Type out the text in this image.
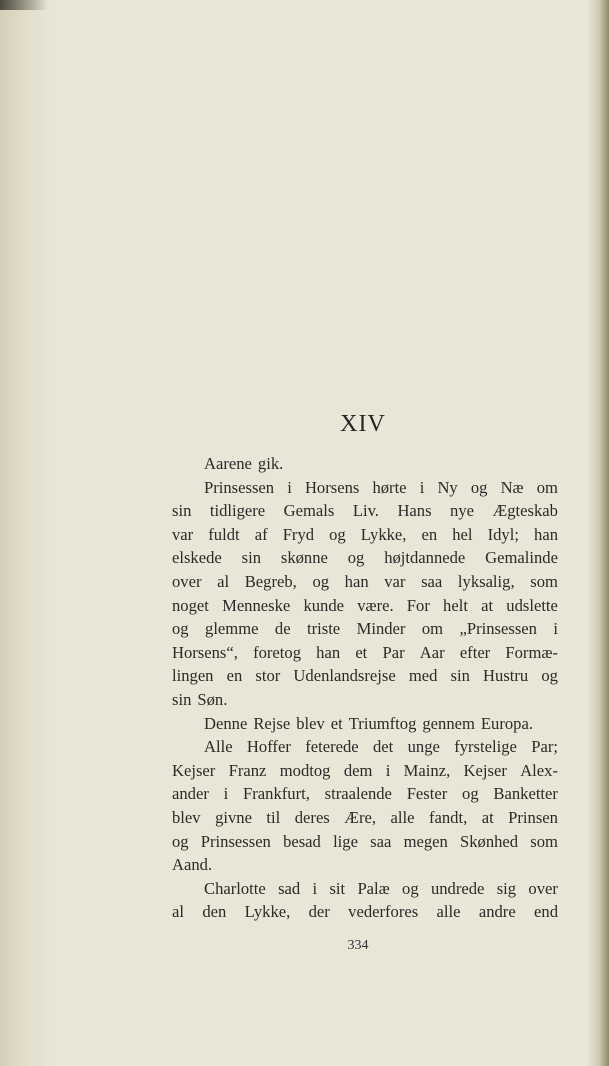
XIV
Aarene gik.
Prinsessen i Horsens hørte i Ny og Næ om
sin tidligere Gemals Liv. Hans nye Ægteskab
var fuldt af Fryd og Lykke, en hel Idyl; han
elskede sin skønne og højtdannede Gemalinde
over al Begreb, og han var saa lyksalig, som
noget Menneske kunde være. For helt at udslette
og glemme de triste Minder om „Prinsessen i
Horsens“, foretog han et Par Aar efter Formæ-
lingen en stor Udenlandsrejse med sin Hustru og
sin Søn.
Denne Rejse blev et Triumftog gennem Europa.
Alle Hoffer feterede det unge fyrstelige Par;
Kejser Franz modtog dem i Mainz, Kejser Alex-
ander i Frankfurt, straalende Fester og Banketter
blev givne til deres Ære, alle fandt, at Prinsen
og Prinsessen besad lige saa megen Skønhed som
Aand.
Charlotte sad i sit Palæ og undrede sig over
al den Lykke, der vederfores alle andre end
334
